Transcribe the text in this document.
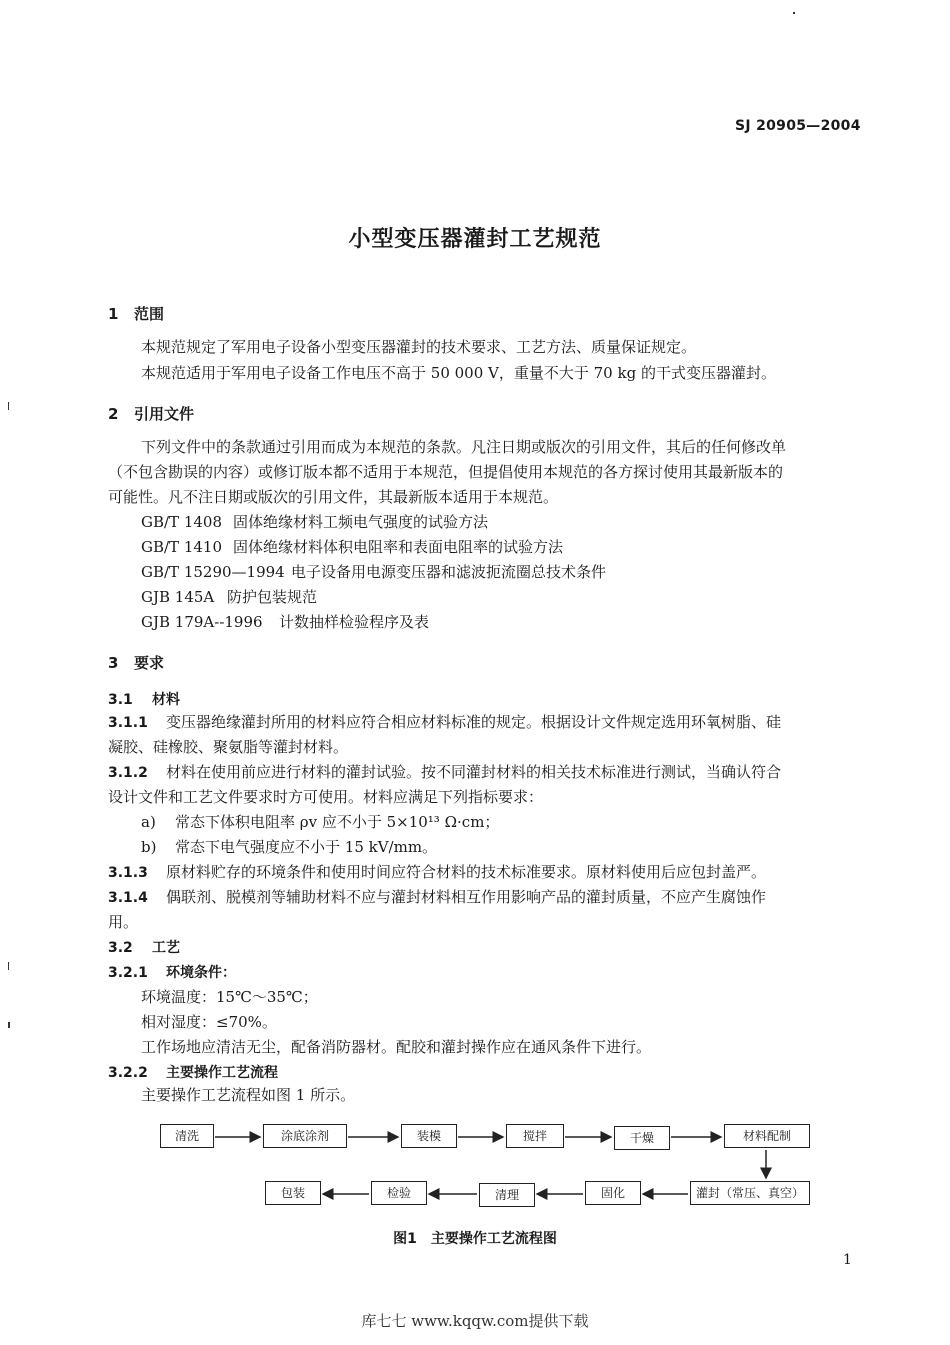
SJ 20905—2004
小型变压器灌封工艺规范
1 范围
本规范规定了军用电子设备小型变压器灌封的技术要求、工艺方法、质量保证规定。
本规范适用于军用电子设备工作电压不高于 50 000 V，重量不大于 70 kg 的干式变压器灌封。
2 引用文件
下列文件中的条款通过引用而成为本规范的条款。凡注日期或版次的引用文件，其后的任何修改单
（不包含勘误的内容）或修订版本都不适用于本规范，但提倡使用本规范的各方探讨使用其最新版本的
可能性。凡不注日期或版次的引用文件，其最新版本适用于本规范。
GB/T 1408 固体绝缘材料工频电气强度的试验方法
GB/T 1410 固体绝缘材料体积电阻率和表面电阻率的试验方法
GB/T 15290—1994 电子设备用电源变压器和滤波扼流圈总技术条件
GJB 145A 防护包装规范
GJB 179A--1996 计数抽样检验程序及表
3 要求
3.1 材料
3.1.1 变压器绝缘灌封所用的材料应符合相应材料标准的规定。根据设计文件规定选用环氧树脂、硅
凝胶、硅橡胶、聚氨脂等灌封材料。
3.1.2 材料在使用前应进行材料的灌封试验。按不同灌封材料的相关技术标准进行测试，当确认符合
设计文件和工艺文件要求时方可使用。材料应满足下列指标要求：
a) 常态下体积电阻率 ρv 应不小于 5×10¹³ Ω·cm；
b) 常态下电气强度应不小于 15 kV/mm。
3.1.3 原材料贮存的环境条件和使用时间应符合材料的技术标准要求。原材料使用后应包封盖严。
3.1.4 偶联剂、脱模剂等辅助材料不应与灌封材料相互作用影响产品的灌封质量，不应产生腐蚀作
用。
3.2 工艺
3.2.1 环境条件：
环境温度：15℃～35℃；
相对湿度：≤70%。
工作场地应清洁无尘，配备消防器材。配胶和灌封操作应在通风条件下进行。
3.2.2 主要操作工艺流程
主要操作工艺流程如图 1 所示。
清洗	涂底涂剂	装模	搅拌	干燥	材料配制
包装	检验	清理	固化	灌封（常压、真空）
图1 主要操作工艺流程图
1
库七七 www.kqqw.com提供下载
